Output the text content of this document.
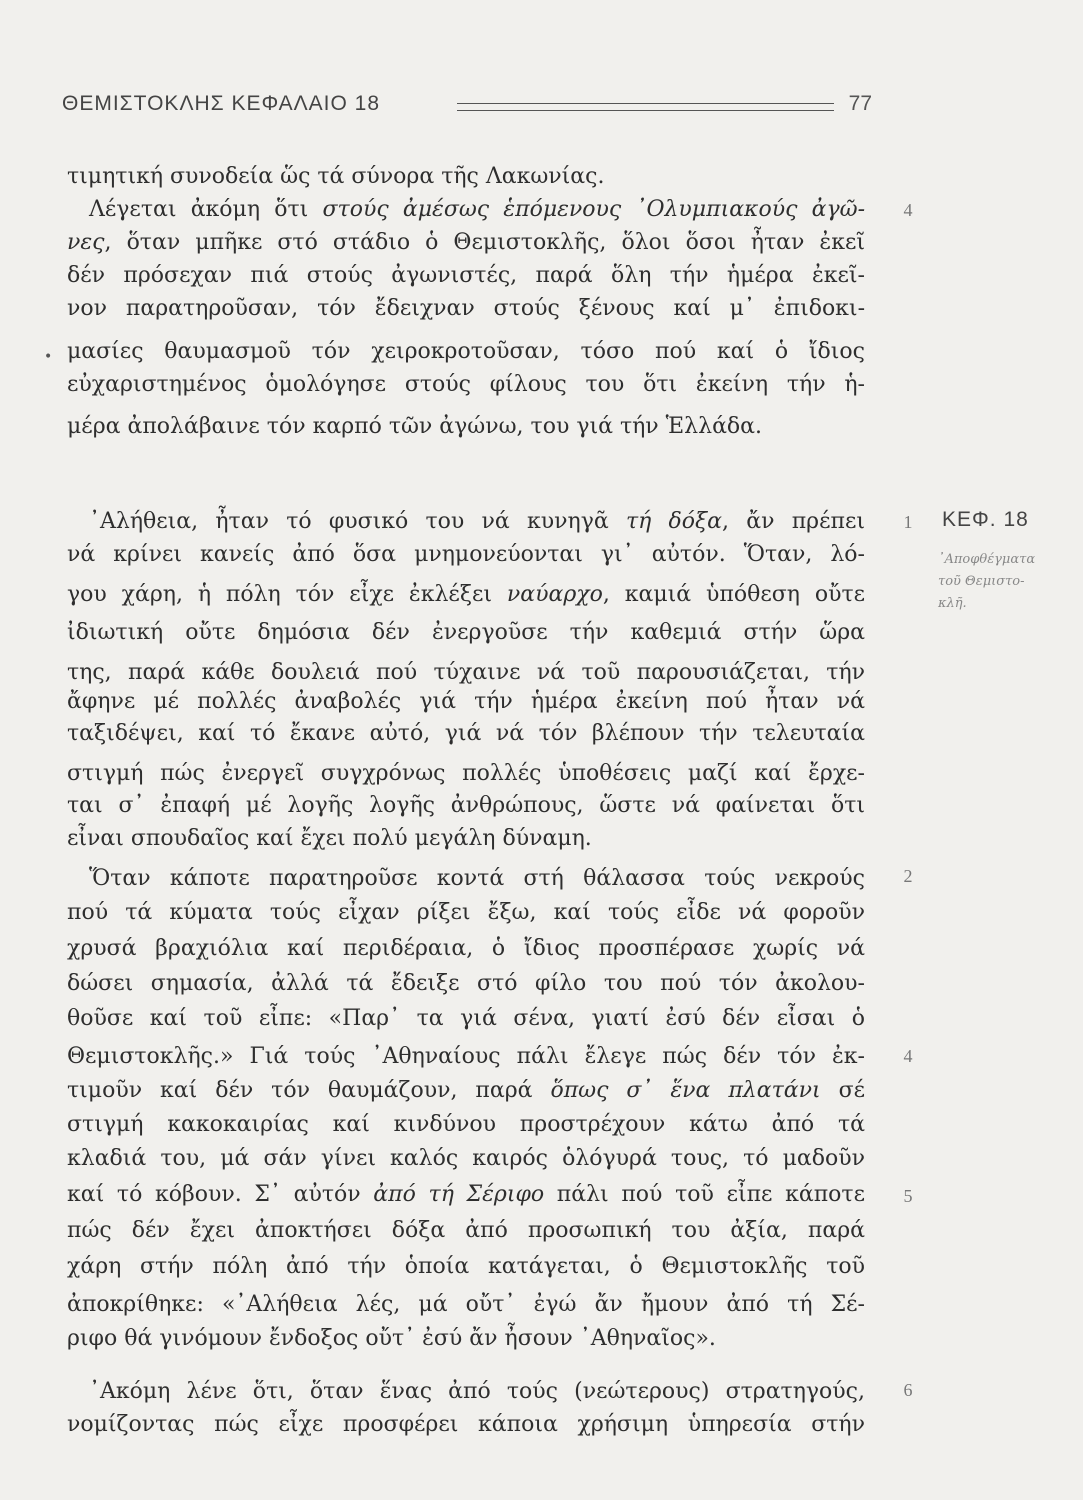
ΘΕΜΙΣΤΟΚΛΗΣ ΚΕΦΑΛΑΙΟ 18	77
τιμητική συνοδεία ὥς τά σύνορα τῆς Λακωνίας.
Λέγεται ἀκόμη ὅτι στούς ἀμέσως ἑπόμενους ᾿Ολυμπιακούς ἀγῶ-
νες, ὅταν μπῆκε στό στάδιο ὁ Θεμιστοκλῆς, ὅλοι ὅσοι ἦταν ἐκεῖ
δέν πρόσεχαν πιά στούς ἀγωνιστές, παρά ὅλη τήν ἡμέρα ἐκεῖ-
νον παρατηροῦσαν, τόν ἔδειχναν στούς ξένους καί μ᾿ ἐπιδοκι-
μασίες θαυμασμοῦ τόν χειροκροτοῦσαν, τόσο πού καί ὁ ἴδιος
εὐχαριστημένος ὁμολόγησε στούς φίλους του ὅτι ἐκείνη τήν ἡ-
μέρα ἀπολάβαινε τόν καρπό τῶν ἀγώνω, του γιά τήν Ἑλλάδα.
•
᾿Αλήθεια, ἦταν τό φυσικό του νά κυνηγᾶ τή δόξα, ἄν πρέπει
νά κρίνει κανείς ἀπό ὅσα μνημονεύονται γι᾿ αὐτόν. Ὅταν, λό-
γου χάρη, ἡ πόλη τόν εἶχε ἐκλέξει ναύαρχο, καμιά ὑπόθεση οὔτε
ἰδιωτική οὔτε δημόσια δέν ἐνεργοῦσε τήν καθεμιά στήν ὥρα
της, παρά κάθε δουλειά πού τύχαινε νά τοῦ παρουσιάζεται, τήν
ἄφηνε μέ πολλές ἀναβολές γιά τήν ἡμέρα ἐκείνη πού ἦταν νά
ταξιδέψει, καί τό ἔκανε αὐτό, γιά νά τόν βλέπουν τήν τελευταία
στιγμή πώς ἐνεργεῖ συγχρόνως πολλές ὑποθέσεις μαζί καί ἔρχε-
ται σ᾿ ἐπαφή μέ λογῆς λογῆς ἀνθρώπους, ὥστε νά φαίνεται ὅτι
εἶναι σπουδαῖος καί ἔχει πολύ μεγάλη δύναμη.
Ὅταν κάποτε παρατηροῦσε κοντά στή θάλασσα τούς νεκρούς
πού τά κύματα τούς εἶχαν ρίξει ἔξω, καί τούς εἶδε νά φοροῦν
χρυσά βραχιόλια καί περιδέραια, ὁ ἴδιος προσπέρασε χωρίς νά
δώσει σημασία, ἀλλά τά ἔδειξε στό φίλο του πού τόν ἀκολου-
θοῦσε καί τοῦ εἶπε: «Παρ᾿ τα γιά σένα, γιατί ἐσύ δέν εἶσαι ὁ
Θεμιστοκλῆς.» Γιά τούς ᾿Αθηναίους πάλι ἔλεγε πώς δέν τόν ἐκ-
τιμοῦν καί δέν τόν θαυμάζουν, παρά ὅπως σ᾿ ἕνα πλατάνι σέ
στιγμή κακοκαιρίας καί κινδύνου προστρέχουν κάτω ἀπό τά
κλαδιά του, μά σάν γίνει καλός καιρός ὁλόγυρά τους, τό μαδοῦν
καί τό κόβουν. Σ᾿ αὐτόν ἀπό τή Σέριφο πάλι πού τοῦ εἶπε κάποτε
πώς δέν ἔχει ἀποκτήσει δόξα ἀπό προσωπική του ἀξία, παρά
χάρη στήν πόλη ἀπό τήν ὁποία κατάγεται, ὁ Θεμιστοκλῆς τοῦ
ἀποκρίθηκε: «᾿Αλήθεια λές, μά οὔτ᾿ ἐγώ ἄν ἤμουν ἀπό τή Σέ-
ριφο θά γινόμουν ἔνδοξος οὔτ᾿ ἐσύ ἄν ἦσουν ᾿Αθηναῖος».
᾿Ακόμη λένε ὅτι, ὅταν ἕνας ἀπό τούς (νεώτερους) στρατηγούς,
νομίζοντας πώς εἶχε προσφέρει κάποια χρήσιμη ὑπηρεσία στήν
4
1
2
4
5
6
ΚΕΦ. 18
᾿Αποφθέγματα
τοῦ Θεμιστο-
κλῆ.
